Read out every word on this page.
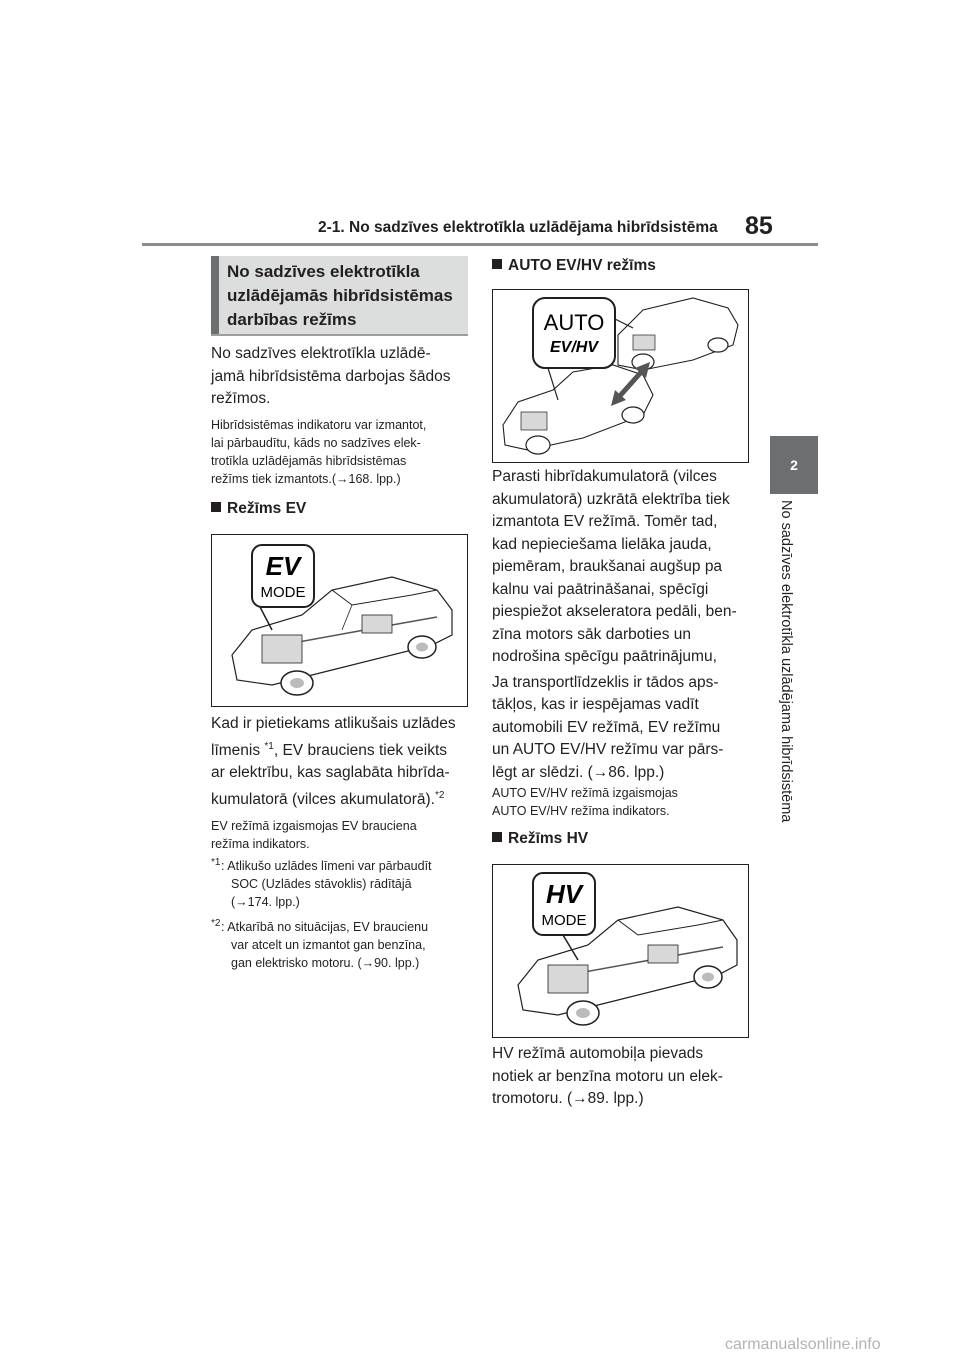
2-1. No sadzīves elektrotīkla uzlādējama hibrīdsistēma 85
2
No sadzīves elektrotīkla uzlādējama hibrīdsistēma
No sadzīves elektrotīkla
uzlādējamās hibrīdsistēmas
darbības režīms
No sadzīves elektrotīkla uzlādē-
jamā hibrīdsistēma darbojas šādos
režīmos.
Hibrīdsistēmas indikatoru var izmantot,
lai pārbaudītu, kāds no sadzīves elek-
trotīkla uzlādējamās hibrīdsistēmas
režīms tiek izmantots.(→168. lpp.)
Režīms EV
EV
MODE
Kad ir pietiekams atlikušais uzlādes
līmenis $^{*1}$, EV brauciens tiek veikts
ar elektrību, kas saglabāta hibrīda-
kumulatorā (vilces akumulatorā).$^{*2}$
EV režīmā izgaismojas EV brauciena
režīma indikators.
$^{*1}$ : Atlikušo uzlādes līmeni var pārbaudīt
SOC (Uzlādes stāvoklis) rādītājā
(→174. lpp.)
$^{*2}$ : Atkarībā no situācijas, EV braucienu
var atcelt un izmantot gan benzīna,
gan elektrisko motoru. (→90. lpp.)
AUTO EV/HV režīms
AUTO
EV/HV
Parasti hibrīdakumulatorā (vilces
akumulatorā) uzkrātā elektrība tiek
izmantota EV režīmā. Tomēr tad,
kad nepieciešama lielāka jauda,
piemēram, braukšanai augšup pa
kalnu vai paātrināšanai, spēcīgi
piespiežot akseleratora pedāli, ben-
zīna motors sāk darboties un
nodrošina spēcīgu paātrinājumu,
Ja transportlīdzeklis ir tādos aps-
tākļos, kas ir iespējamas vadīt
automobili EV režīmā, EV režīmu
un AUTO EV/HV režīmu var pārs-
lēgt ar slēdzi. (→86. lpp.)
AUTO EV/HV režīmā izgaismojas
AUTO EV/HV režīma indikators.
Režīms HV
HV
MODE
HV režīmā automobiļa pievads
notiek ar benzīna motoru un elek-
tromotoru. (→89. lpp.)
carmanualsonline.info
